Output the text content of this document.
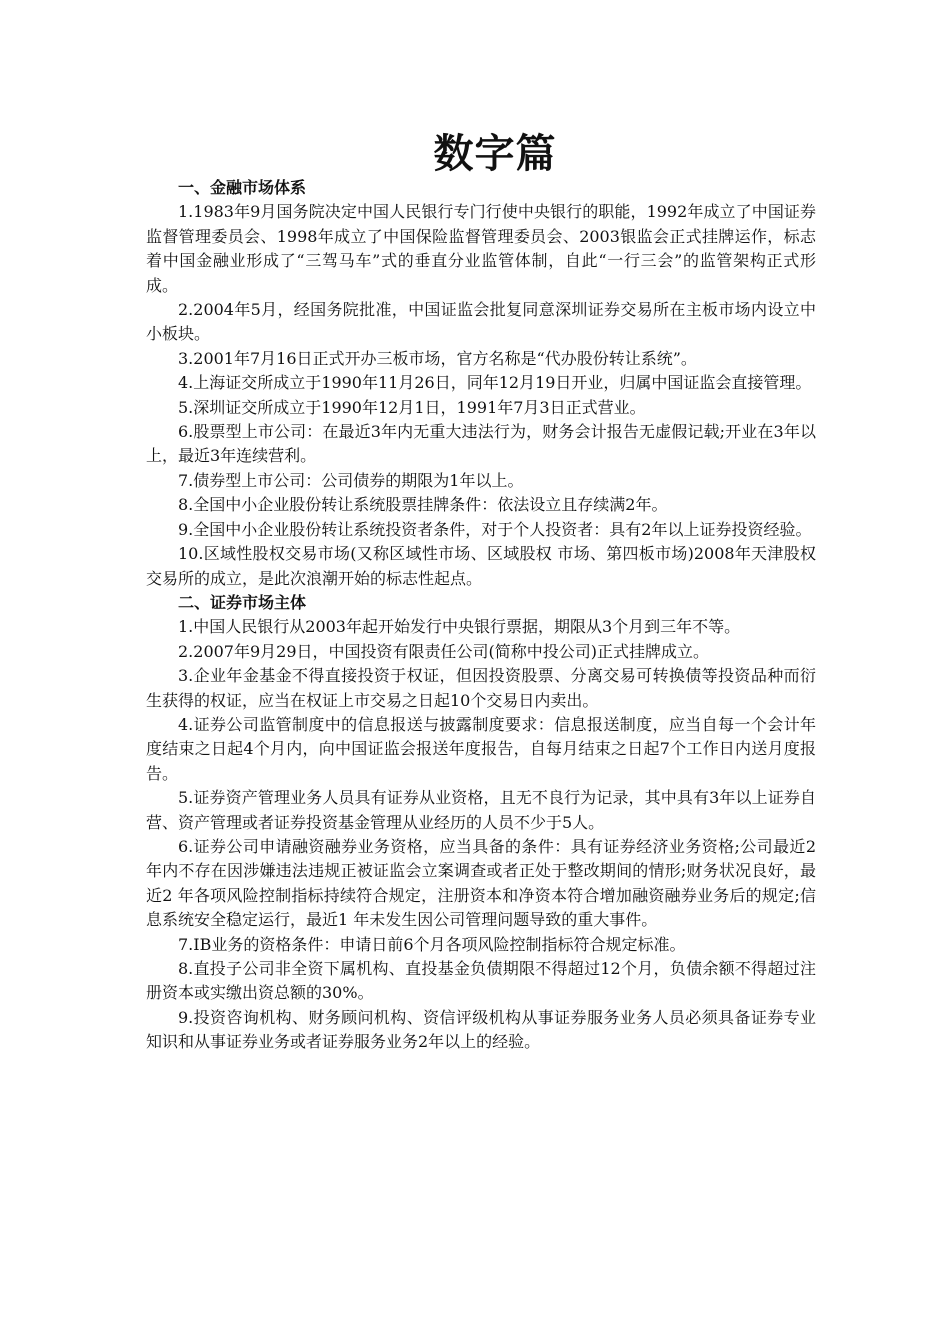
数字篇

一、金融市场体系

1.1983年9月国务院决定中国人民银行专门行使中央银行的职能，1992年成立了中国证券监督管理委员会、1998年成立了中国保险监督管理委员会、2003银监会正式挂牌运作，标志着中国金融业形成了“三驾马车”式的垂直分业监管体制，自此“一行三会”的监管架构正式形成。

2.2004年5月，经国务院批准，中国证监会批复同意深圳证券交易所在主板市场内设立中小板块。

3.2001年7月16日正式开办三板市场，官方名称是“代办股份转让系统”。

4.上海证交所成立于1990年11月26日，同年12月19日开业，归属中国证监会直接管理。

5.深圳证交所成立于1990年12月1日，1991年7月3日正式营业。

6.股票型上市公司：在最近3年内无重大违法行为，财务会计报告无虚假记载;开业在3年以上，最近3年连续营利。

7.债券型上市公司：公司债券的期限为1年以上。

8.全国中小企业股份转让系统股票挂牌条件：依法设立且存续满2年。

9.全国中小企业股份转让系统投资者条件，对于个人投资者：具有2年以上证券投资经验。

10.区域性股权交易市场(又称区域性市场、区域股权 市场、第四板市场)2008年天津股权交易所的成立，是此次浪潮开始的标志性起点。

二、证券市场主体

1.中国人民银行从2003年起开始发行中央银行票据，期限从3个月到三年不等。

2.2007年9月29日，中国投资有限责任公司(简称中投公司)正式挂牌成立。

3.企业年金基金不得直接投资于权证，但因投资股票、分离交易可转换债等投资品种而衍生获得的权证，应当在权证上市交易之日起10个交易日内卖出。

4.证券公司监管制度中的信息报送与披露制度要求：信息报送制度，应当自每一个会计年度结束之日起4个月内，向中国证监会报送年度报告，自每月结束之日起7个工作日内送月度报告。

5.证券资产管理业务人员具有证券从业资格，且无不良行为记录，其中具有3年以上证券自营、资产管理或者证券投资基金管理从业经历的人员不少于5人。

6.证券公司申请融资融券业务资格，应当具备的条件：具有证券经济业务资格;公司最近2 年内不存在因涉嫌违法违规正被证监会立案调查或者正处于整改期间的情形;财务状况良好，最近2 年各项风险控制指标持续符合规定，注册资本和净资本符合增加融资融券业务后的规定;信息系统安全稳定运行，最近1 年未发生因公司管理问题导致的重大事件。

7.IB业务的资格条件：申请日前6个月各项风险控制指标符合规定标准。

8.直投子公司非全资下属机构、直投基金负债期限不得超过12个月，负债余额不得超过注册资本或实缴出资总额的30%。

9.投资咨询机构、财务顾问机构、资信评级机构从事证券服务业务人员必须具备证券专业知识和从事证券业务或者证券服务业务2年以上的经验。
